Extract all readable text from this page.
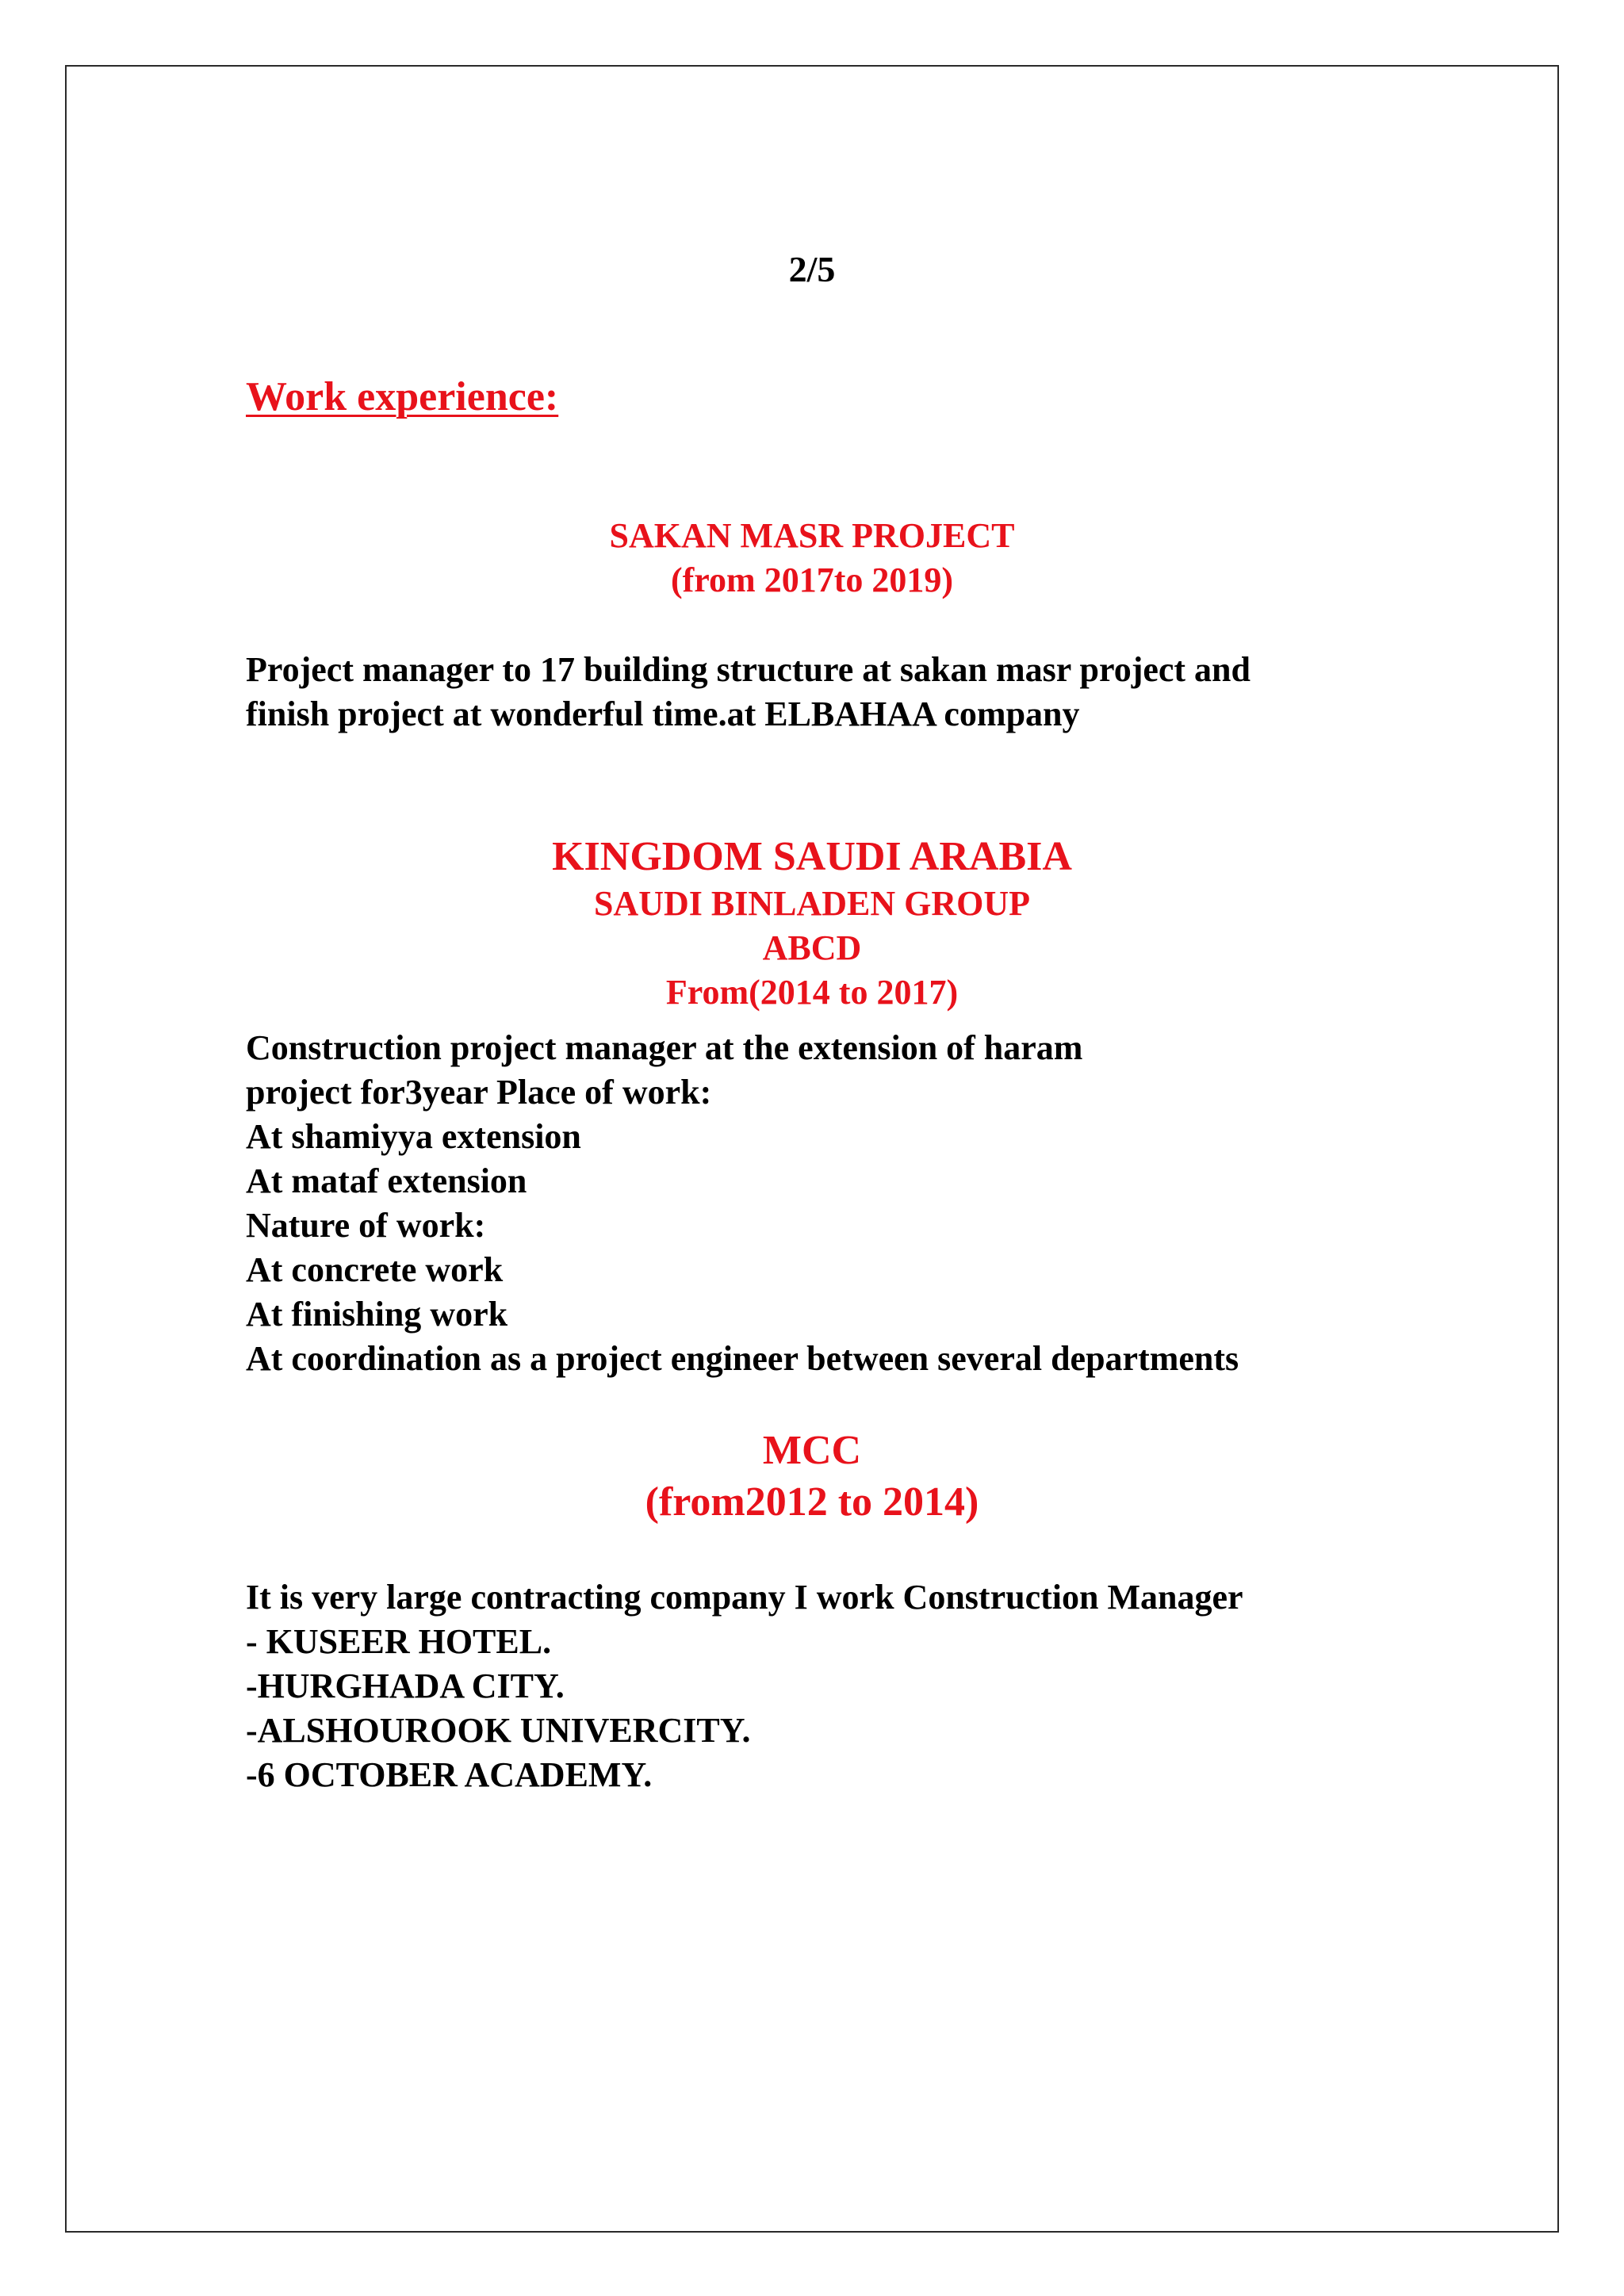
2/5

Work experience:

SAKAN MASR PROJECT

(from 2017to 2019)

Project manager to 17 building structure at sakan masr project and
finish project at wonderful time.at ELBAHAA company

KINGDOM SAUDI ARABIA

SAUDI BINLADEN GROUP

ABCD

From(2014 to 2017)

Construction project manager at the extension of haram
project for3year Place of work:
At shamiyya extension
At mataf extension
Nature of work:
At concrete work
At finishing work
At coordination as a project engineer between several departments

MCC

(from2012 to 2014)

It is very large contracting company I work Construction Manager
- KUSEER HOTEL.
-HURGHADA CITY.
-ALSHOUROOK UNIVERCITY.
-6 OCTOBER ACADEMY.
